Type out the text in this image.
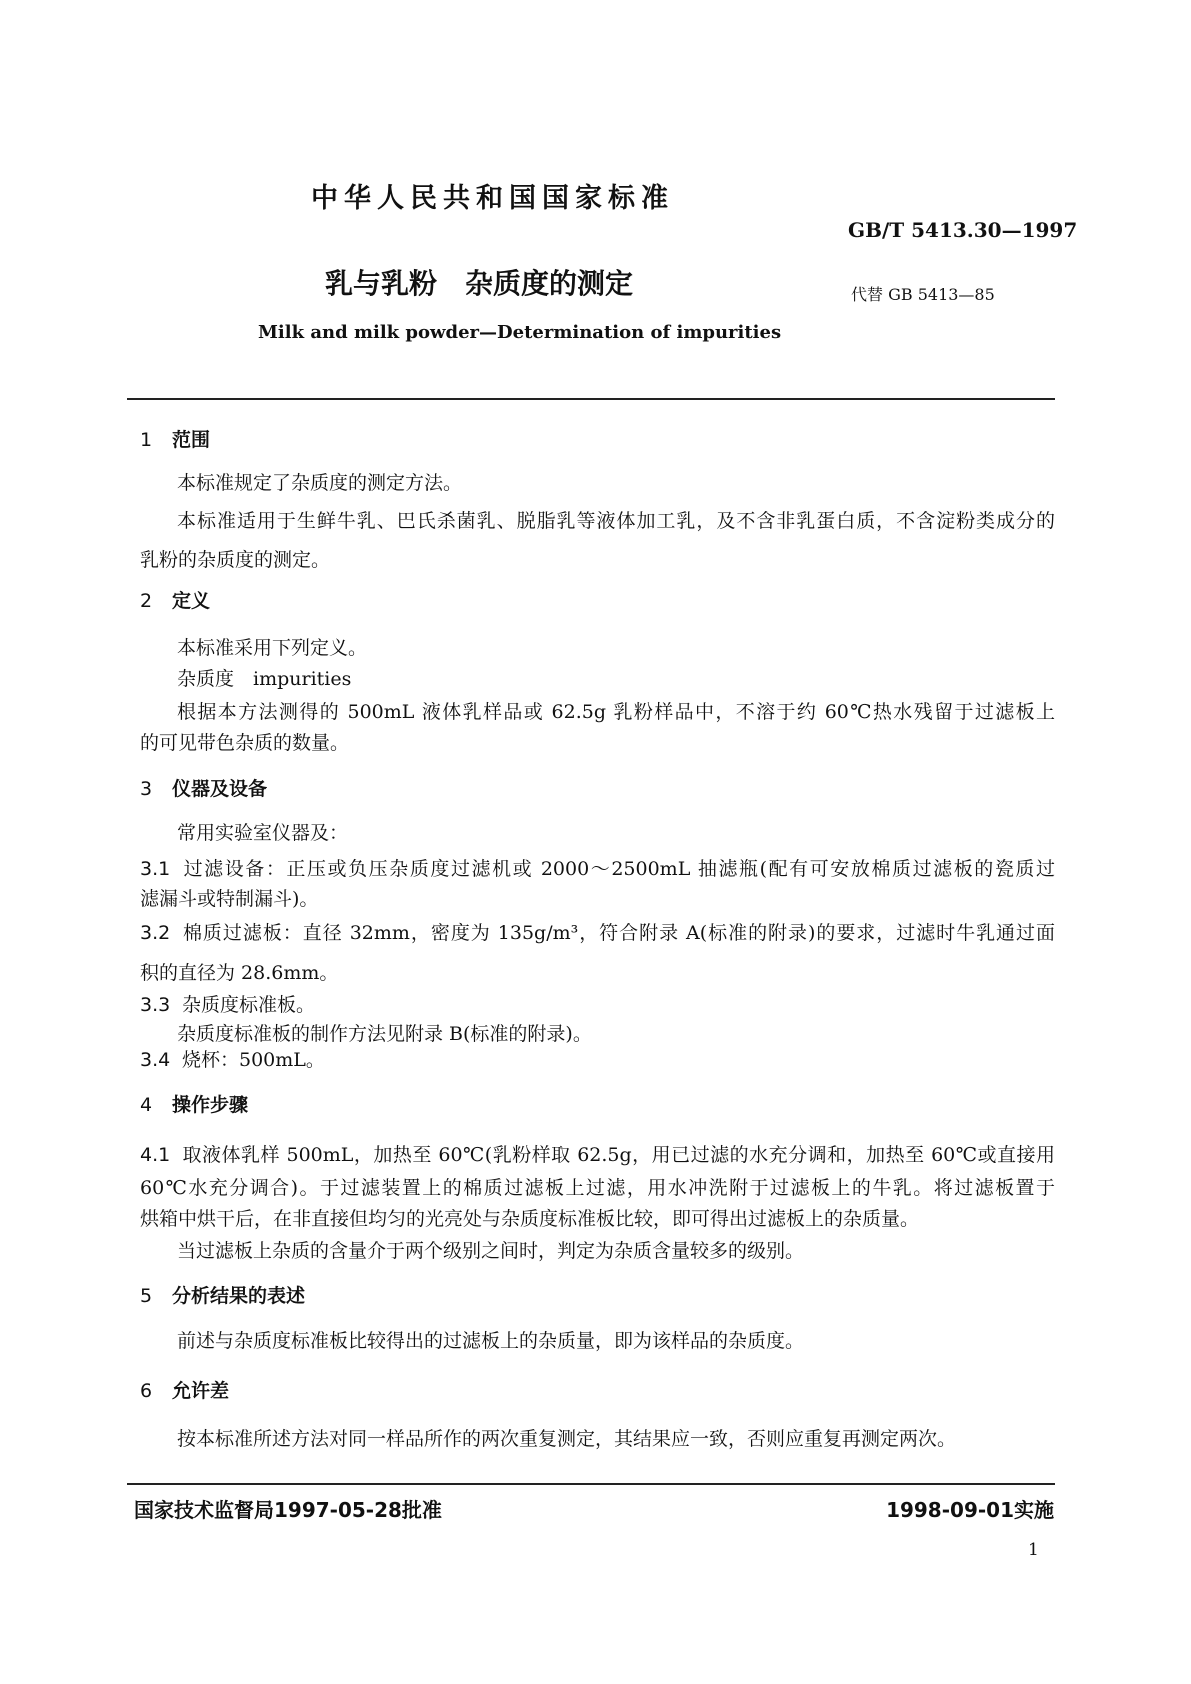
中华人民共和国国家标准
GB/T 5413.30—1997
乳与乳粉　杂质度的测定	代替 GB 5413—85
Milk and milk powder—Determination of impurities
1 范围
本标准规定了杂质度的测定方法。
本标准适用于生鲜牛乳、巴氏杀菌乳、脱脂乳等液体加工乳，及不含非乳蛋白质，不含淀粉类成分的
乳粉的杂质度的测定。
2 定义
本标准采用下列定义。
杂质度　impurities
根据本方法测得的 500mL 液体乳样品或 62.5g 乳粉样品中，不溶于约 60℃热水残留于过滤板上
的可见带色杂质的数量。
3 仪器及设备
常用实验室仪器及：
3.1 过滤设备：正压或负压杂质度过滤机或 2000～2500mL 抽滤瓶(配有可安放棉质过滤板的瓷质过
滤漏斗或特制漏斗)。
3.2 棉质过滤板：直径 32mm，密度为 135g/m³，符合附录 A(标准的附录)的要求，过滤时牛乳通过面
积的直径为 28.6mm。
3.3 杂质度标准板。
杂质度标准板的制作方法见附录 B(标准的附录)。
3.4 烧杯：500mL。
4 操作步骤
4.1 取液体乳样 500mL，加热至 60℃(乳粉样取 62.5g，用已过滤的水充分调和，加热至 60℃或直接用
60℃水充分调合)。于过滤装置上的棉质过滤板上过滤，用水冲洗附于过滤板上的牛乳。将过滤板置于
烘箱中烘干后，在非直接但均匀的光亮处与杂质度标准板比较，即可得出过滤板上的杂质量。
当过滤板上杂质的含量介于两个级别之间时，判定为杂质含量较多的级别。
5 分析结果的表述
前述与杂质度标准板比较得出的过滤板上的杂质量，即为该样品的杂质度。
6 允许差
按本标准所述方法对同一样品所作的两次重复测定，其结果应一致，否则应重复再测定两次。
国家技术监督局1997-05-28批准	1998-09-01实施
1
